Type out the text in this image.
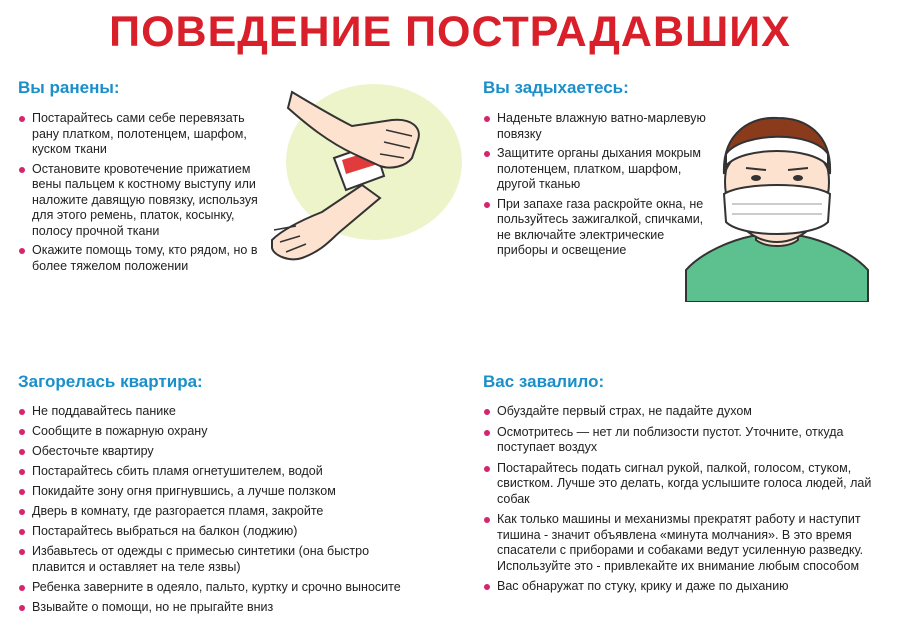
ПОВЕДЕНИЕ ПОСТРАДАВШИХ
Вы ранены:
Постарайтесь сами себе перевязать рану платком, полотенцем, шарфом, куском ткани
Остановите кровотечение прижатием вены пальцем к костному выступу или наложите давящую повязку, используя для этого ремень, платок, косынку, полосу прочной ткани
Окажите помощь тому, кто рядом, но в более тяжелом положении
Вы задыхаетесь:
Наденьте влажную ватно-марлевую повязку
Защитите органы дыхания мокрым полотенцем, платком, шарфом, другой тканью
При запахе газа раскройте окна, не пользуйтесь зажигалкой, спичками, не включайте электрические приборы и освещение
Загорелась квартира:
Не поддавайтесь панике
Сообщите в пожарную охрану
Обесточьте квартиру
Постарайтесь сбить пламя огнетушителем, водой
Покидайте зону огня пригнувшись, а лучше ползком
Дверь в комнату, где разгорается пламя, закройте
Постарайтесь выбраться на балкон (лоджию)
Избавьтесь от одежды с примесью синтетики (она быстро плавится и оставляет на теле язвы)
Ребенка заверните в одеяло, пальто, куртку и срочно выносите
Взывайте о помощи, но не прыгайте вниз
Вас завалило:
Обуздайте первый страх, не падайте духом
Осмотритесь — нет ли поблизости пустот. Уточните, откуда поступает воздух
Постарайтесь подать сигнал рукой, палкой, голосом, стуком, свистком. Лучше это делать, когда услышите голоса людей, лай собак
Как только машины и механизмы прекратят работу и наступит тишина - значит объявлена «минута молчания». В это время спасатели с приборами и собаками ведут усиленную разведку. Используйте это - привлекайте их внимание любым способом
Вас обнаружат по стуку, крику и даже по дыханию
